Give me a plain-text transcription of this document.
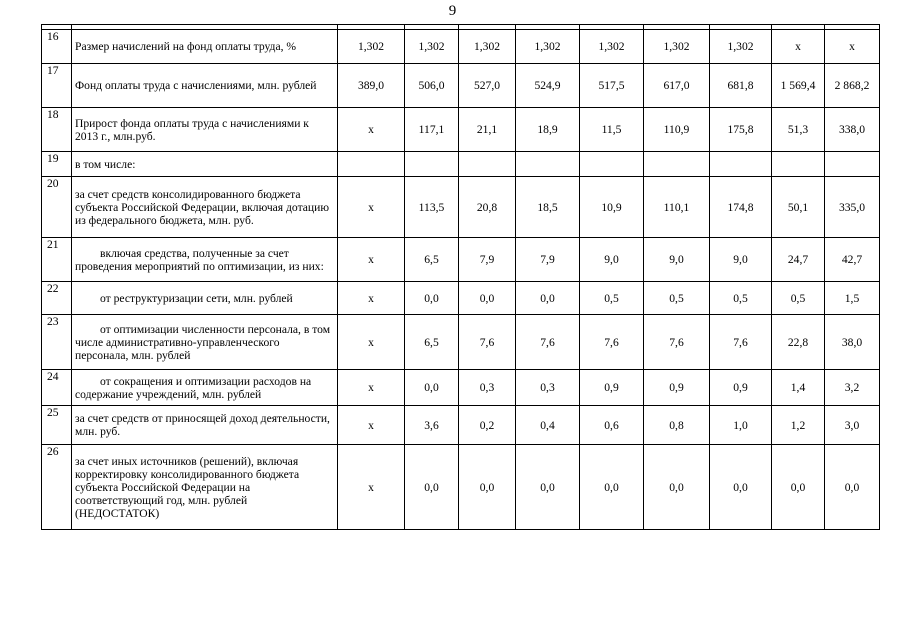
9

16	Размер начислений на фонд оплаты труда, %	1,302	1,302	1,302	1,302	1,302	1,302	1,302	х	х
17	Фонд оплаты труда с начислениями, млн. рублей	389,0	506,0	527,0	524,9	517,5	617,0	681,8	1 569,4	2 868,2
18	Прирост фонда оплаты труда с начислениями к 2013 г., млн.руб.	х	117,1	21,1	18,9	11,5	110,9	175,8	51,3	338,0
19	в том числе:									
20	за счет средств консолидированного бюджета субъекта Российской Федерации, включая дотацию из федерального бюджета, млн. руб.	х	113,5	20,8	18,5	10,9	110,1	174,8	50,1	335,0
21	включая средства, полученные за счет проведения мероприятий по оптимизации, из них:	х	6,5	7,9	7,9	9,0	9,0	9,0	24,7	42,7
22	от реструктуризации сети, млн. рублей	х	0,0	0,0	0,0	0,5	0,5	0,5	0,5	1,5
23	от оптимизации численности персонала, в том числе административно-управленческого персонала, млн. рублей	х	6,5	7,6	7,6	7,6	7,6	7,6	22,8	38,0
24	от сокращения и оптимизации расходов на содержание учреждений, млн. рублей	х	0,0	0,3	0,3	0,9	0,9	0,9	1,4	3,2
25	за счет средств от приносящей доход деятельности, млн. руб.	х	3,6	0,2	0,4	0,6	0,8	1,0	1,2	3,0
26	за счет иных источников (решений), включая корректировку консолидированного бюджета субъекта Российской Федерации на соответствующий год, млн. рублей (НЕДОСТАТОК)	х	0,0	0,0	0,0	0,0	0,0	0,0	0,0	0,0
